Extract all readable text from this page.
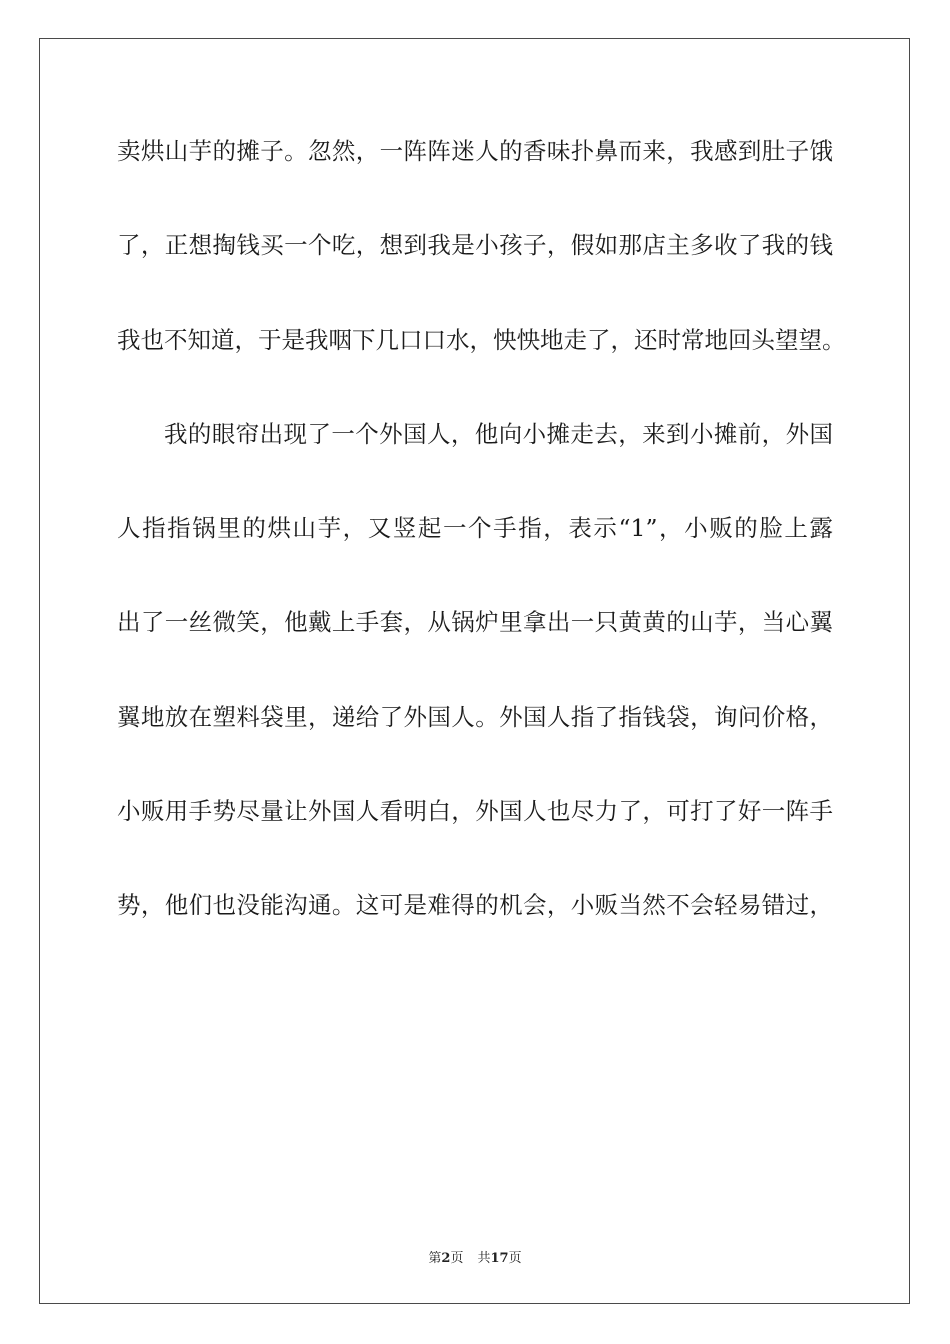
卖烘山芋的摊子。忽然，一阵阵迷人的香味扑鼻而来，我感到肚子饿
了，正想掏钱买一个吃，想到我是小孩子，假如那店主多收了我的钱
我也不知道，于是我咽下几口口水，怏怏地走了，还时常地回头望望。
我的眼帘出现了一个外国人，他向小摊走去，来到小摊前，外国
人指指锅里的烘山芋，又竖起一个手指，表示“1”，小贩的脸上露
出了一丝微笑，他戴上手套，从锅炉里拿出一只黄黄的山芋，当心翼
翼地放在塑料袋里，递给了外国人。外国人指了指钱袋，询问价格，
小贩用手势尽量让外国人看明白，外国人也尽力了，可打了好一阵手
势，他们也没能沟通。这可是难得的机会，小贩当然不会轻易错过，
第2页 共17页
